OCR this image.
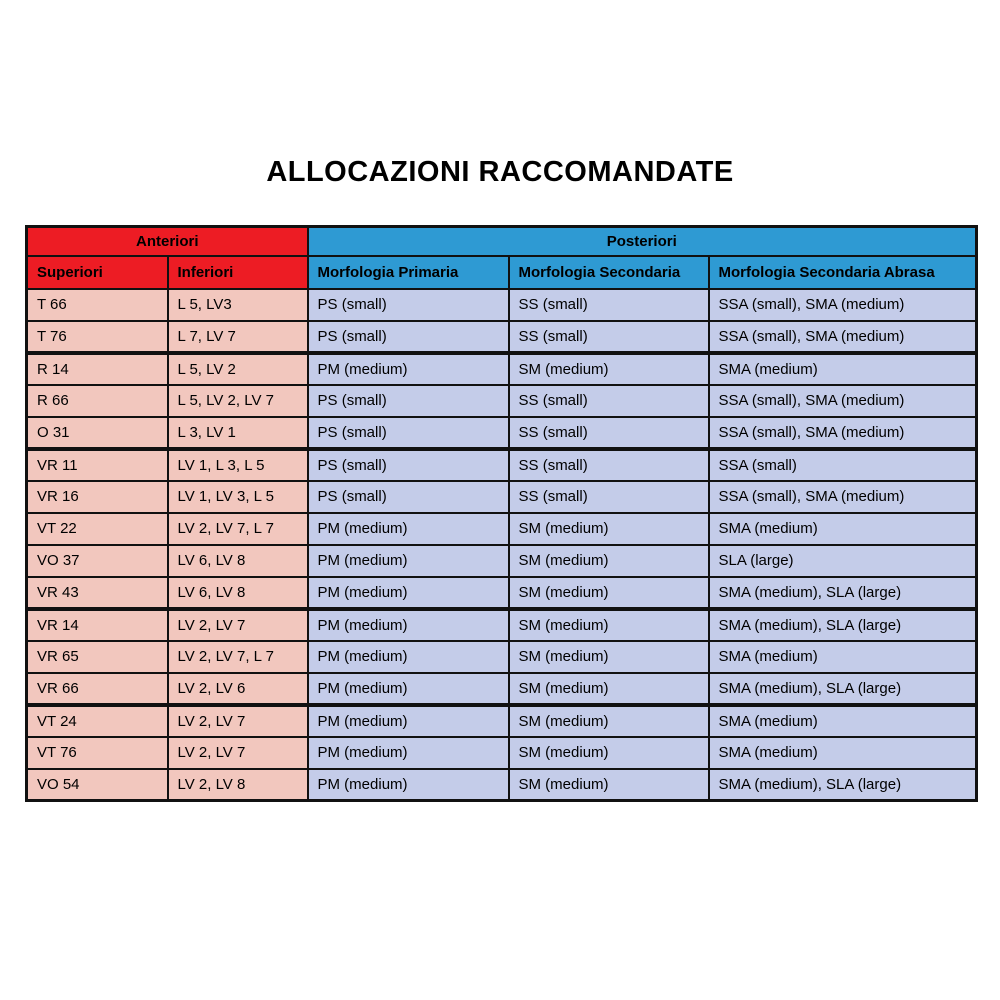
ALLOCAZIONI RACCOMANDATE
Anteriori		Posteriori		
Superiori	Inferiori	Morfologia Primaria	Morfologia Secondaria	Morfologia Secondaria Abrasa
T 66	L 5, LV3	PS (small)	SS (small)	SSA (small), SMA (medium)
T 76	L 7, LV 7	PS (small)	SS (small)	SSA (small), SMA (medium)
R 14	L 5, LV 2	PM (medium)	SM (medium)	SMA (medium)
R 66	L 5, LV 2, LV 7	PS (small)	SS (small)	SSA (small), SMA (medium)
O 31	L 3, LV 1	PS (small)	SS (small)	SSA (small), SMA (medium)
VR 11	LV 1, L 3, L 5	PS (small)	SS (small)	SSA (small)
VR 16	LV 1, LV 3, L 5	PS (small)	SS (small)	SSA (small), SMA (medium)
VT 22	LV 2, LV 7, L 7	PM (medium)	SM (medium)	SMA (medium)
VO 37	LV 6, LV 8	PM (medium)	SM (medium)	SLA (large)
VR 43	LV 6, LV 8	PM (medium)	SM (medium)	SMA (medium), SLA (large)
VR 14	LV 2, LV 7	PM (medium)	SM (medium)	SMA (medium), SLA (large)
VR 65	LV 2, LV 7, L 7	PM (medium)	SM (medium)	SMA (medium)
VR 66	LV 2, LV 6	PM (medium)	SM (medium)	SMA (medium), SLA (large)
VT 24	LV 2, LV 7	PM (medium)	SM (medium)	SMA (medium)
VT 76	LV 2, LV 7	PM (medium)	SM (medium)	SMA (medium)
VO 54	LV 2, LV 8	PM (medium)	SM (medium)	SMA (medium), SLA (large)
